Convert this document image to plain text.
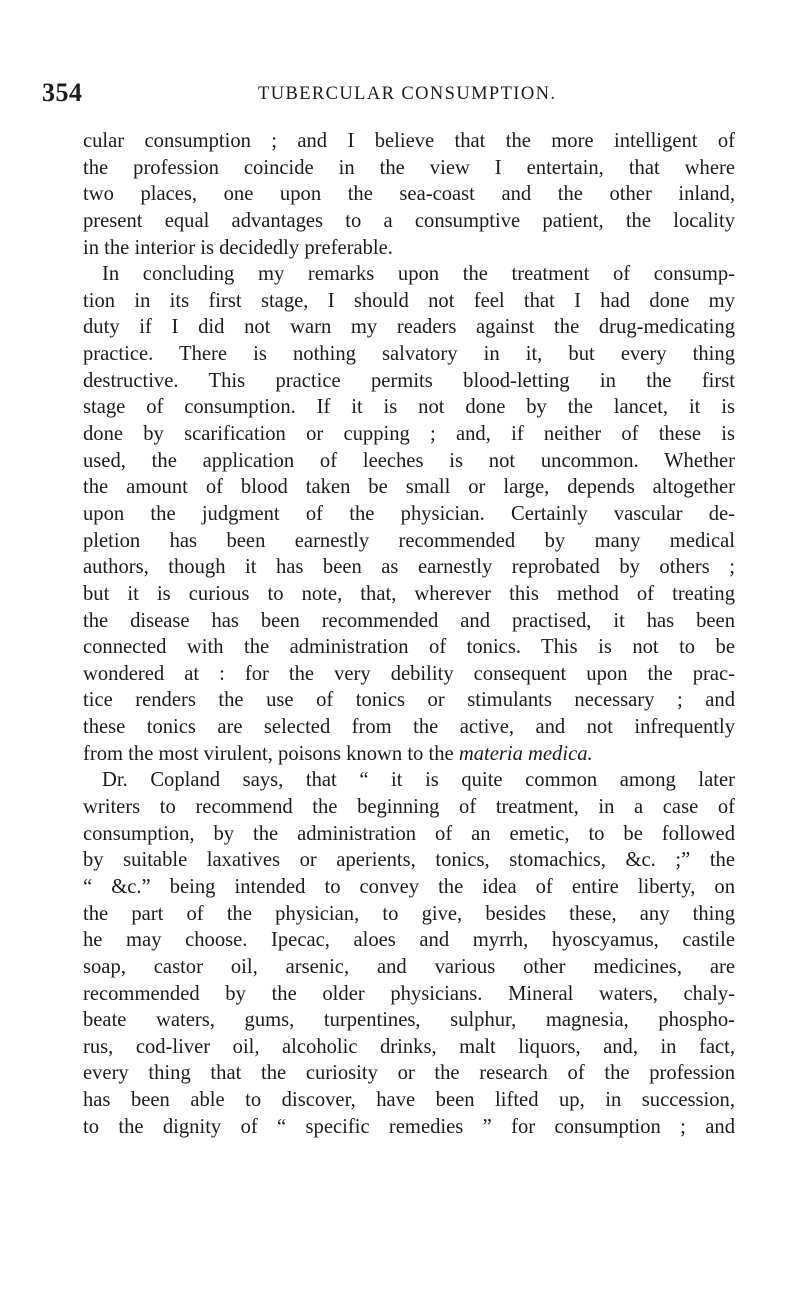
354	TUBERCULAR CONSUMPTION.
cular consumption ; and I believe that the more intelligent of
the profession coincide in the view I entertain, that where
two places, one upon the sea-coast and the other inland,
present equal advantages to a consumptive patient, the locality
in the interior is decidedly preferable.
In concluding my remarks upon the treatment of consump-
tion in its first stage, I should not feel that I had done my
duty if I did not warn my readers against the drug-medicating
practice. There is nothing salvatory in it, but every thing
destructive. This practice permits blood-letting in the first
stage of consumption. If it is not done by the lancet, it is
done by scarification or cupping ; and, if neither of these is
used, the application of leeches is not uncommon. Whether
the amount of blood taken be small or large, depends altogether
upon the judgment of the physician. Certainly vascular de-
pletion has been earnestly recommended by many medical
authors, though it has been as earnestly reprobated by others ;
but it is curious to note, that, wherever this method of treating
the disease has been recommended and practised, it has been
connected with the administration of tonics. This is not to be
wondered at : for the very debility consequent upon the prac-
tice renders the use of tonics or stimulants necessary ; and
these tonics are selected from the active, and not infrequently
from the most virulent, poisons known to the materia medica.
Dr. Copland says, that “ it is quite common among later
writers to recommend the beginning of treatment, in a case of
consumption, by the administration of an emetic, to be followed
by suitable laxatives or aperients, tonics, stomachics, &c. ;” the
“ &c.” being intended to convey the idea of entire liberty, on
the part of the physician, to give, besides these, any thing
he may choose. Ipecac, aloes and myrrh, hyoscyamus, castile
soap, castor oil, arsenic, and various other medicines, are
recommended by the older physicians. Mineral waters, chaly-
beate waters, gums, turpentines, sulphur, magnesia, phospho-
rus, cod-liver oil, alcoholic drinks, malt liquors, and, in fact,
every thing that the curiosity or the research of the profession
has been able to discover, have been lifted up, in succession,
to the dignity of “ specific remedies ” for consumption ; and
